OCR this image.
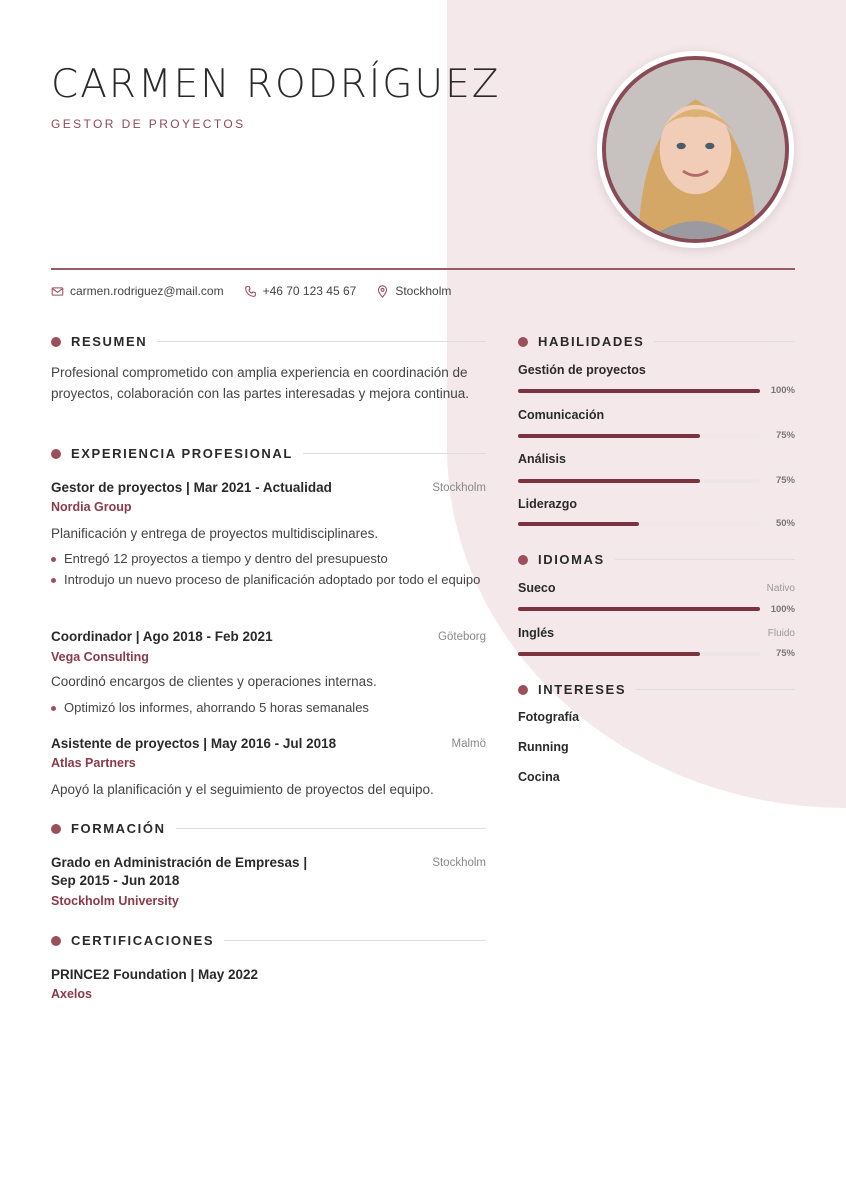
CARMEN RODRÍGUEZ
GESTOR DE PROYECTOS
carmen.rodriguez@mail.com	+46 70 123 45 67	Stockholm
RESUMEN
Profesional comprometido con amplia experiencia en coordinación de proyectos, colaboración con las partes interesadas y mejora continua.
EXPERIENCIA PROFESIONAL
Gestor de proyectos | Mar 2021 - Actualidad	Stockholm
Nordia Group
Planificación y entrega de proyectos multidisciplinares.
Entregó 12 proyectos a tiempo y dentro del presupuesto
Introdujo un nuevo proceso de planificación adoptado por todo el equipo
Coordinador | Ago 2018 - Feb 2021	Göteborg
Vega Consulting
Coordinó encargos de clientes y operaciones internas.
Optimizó los informes, ahorrando 5 horas semanales
Asistente de proyectos | May 2016 - Jul 2018	Malmö
Atlas Partners
Apoyó la planificación y el seguimiento de proyectos del equipo.
FORMACIÓN
Grado en Administración de Empresas |
Sep 2015 - Jun 2018
Stockholm
Stockholm University
CERTIFICACIONES
PRINCE2 Foundation | May 2022
Axelos
HABILIDADES
Gestión de proyectos
100%
Comunicación
75%
Análisis
75%
Liderazgo
50%
IDIOMAS
Sueco	Nativo
100%
Inglés	Fluido
75%
INTERESES
Fotografía
Running
Cocina
